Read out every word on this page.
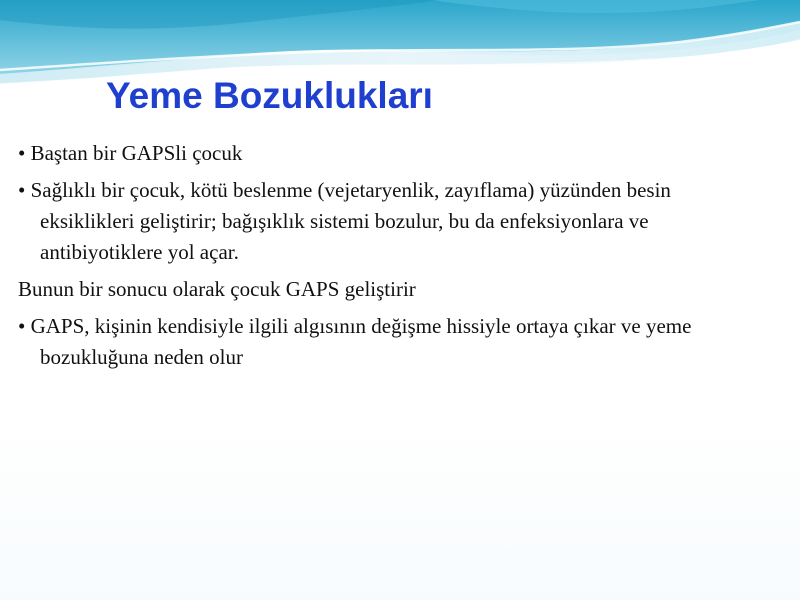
Yeme Bozuklukları

• Baştan bir GAPSli çocuk

• Sağlıklı bir çocuk, kötü beslenme (vejetaryenlik, zayıflama) yüzünden besin eksiklikleri geliştirir; bağışıklık sistemi bozulur, bu da enfeksiyonlara ve antibiyotiklere yol açar.

Bunun bir sonucu olarak çocuk GAPS geliştirir

• GAPS, kişinin kendisiyle ilgili algısının değişme hissiyle ortaya çıkar ve yeme bozukluğuna neden olur
